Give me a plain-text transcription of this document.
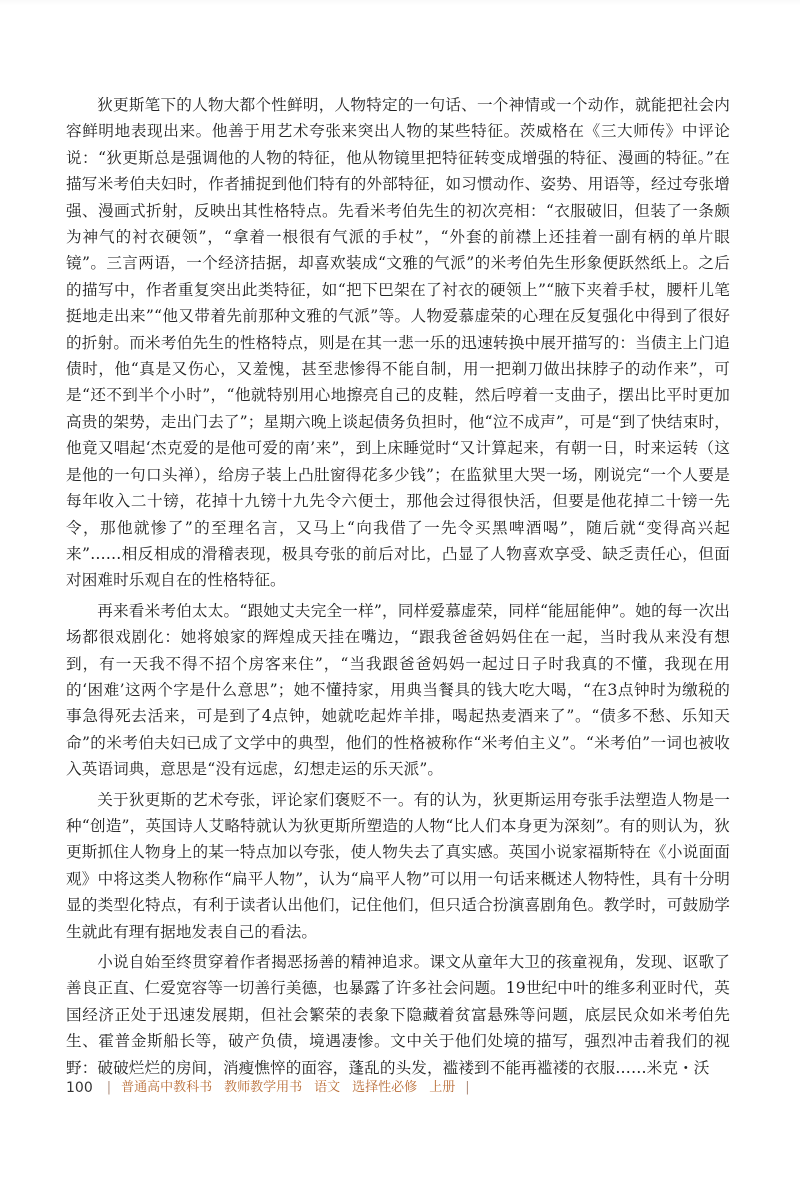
狄更斯笔下的人物大都个性鲜明，人物特定的一句话、一个神情或一个动作，就能把社会内容鲜明地表现出来。他善于用艺术夸张来突出人物的某些特征。茨威格在《三大师传》中评论说：“狄更斯总是强调他的人物的特征，他从物镜里把特征转变成增强的特征、漫画的特征。”在描写米考伯夫妇时，作者捕捉到他们特有的外部特征，如习惯动作、姿势、用语等，经过夸张增强、漫画式折射，反映出其性格特点。先看米考伯先生的初次亮相：“衣服破旧，但装了一条颇为神气的衬衣硬领”，“拿着一根很有气派的手杖”，“外套的前襟上还挂着一副有柄的单片眼镜”。三言两语，一个经济拮据，却喜欢装成“文雅的气派”的米考伯先生形象便跃然纸上。之后的描写中，作者重复突出此类特征，如“把下巴架在了衬衣的硬领上”“腋下夹着手杖，腰杆儿笔挺地走出来”“他又带着先前那种文雅的气派”等。人物爱慕虚荣的心理在反复强化中得到了很好的折射。而米考伯先生的性格特点，则是在其一悲一乐的迅速转换中展开描写的：当债主上门追债时，他“真是又伤心，又羞愧，甚至悲惨得不能自制，用一把剃刀做出抹脖子的动作来”，可是“还不到半个小时”，“他就特别用心地擦亮自己的皮鞋，然后哼着一支曲子，摆出比平时更加高贵的架势，走出门去了”；星期六晚上谈起债务负担时，他“泣不成声”，可是“到了快结束时，他竟又唱起‘杰克爱的是他可爱的南’来”，到上床睡觉时“又计算起来，有朝一日，时来运转（这是他的一句口头禅），给房子装上凸肚窗得花多少钱”；在监狱里大哭一场，刚说完“一个人要是每年收入二十镑，花掉十九镑十九先令六便士，那他会过得很快活，但要是他花掉二十镑一先令，那他就惨了”的至理名言，又马上“向我借了一先令买黑啤酒喝”，随后就“变得高兴起来”……相反相成的滑稽表现，极具夸张的前后对比，凸显了人物喜欢享受、缺乏责任心，但面对困难时乐观自在的性格特征。

再来看米考伯太太。“跟她丈夫完全一样”，同样爱慕虚荣，同样“能屈能伸”。她的每一次出场都很戏剧化：她将娘家的辉煌成天挂在嘴边，“跟我爸爸妈妈住在一起，当时我从来没有想到，有一天我不得不招个房客来住”，“当我跟爸爸妈妈一起过日子时我真的不懂，我现在用的‘困难’这两个字是什么意思”；她不懂持家，用典当餐具的钱大吃大喝，“在3点钟时为缴税的事急得死去活来，可是到了4点钟，她就吃起炸羊排，喝起热麦酒来了”。“债多不愁、乐知天命”的米考伯夫妇已成了文学中的典型，他们的性格被称作“米考伯主义”。“米考伯”一词也被收入英语词典，意思是“没有远虑，幻想走运的乐天派”。

关于狄更斯的艺术夸张，评论家们褒贬不一。有的认为，狄更斯运用夸张手法塑造人物是一种“创造”，英国诗人艾略特就认为狄更斯所塑造的人物“比人们本身更为深刻”。有的则认为，狄更斯抓住人物身上的某一特点加以夸张，使人物失去了真实感。英国小说家福斯特在《小说面面观》中将这类人物称作“扁平人物”，认为“扁平人物”可以用一句话来概述人物特性，具有十分明显的类型化特点，有利于读者认出他们，记住他们，但只适合扮演喜剧角色。教学时，可鼓励学生就此有理有据地发表自己的看法。

小说自始至终贯穿着作者揭恶扬善的精神追求。课文从童年大卫的孩童视角，发现、讴歌了善良正直、仁爱宽容等一切善行美德，也暴露了许多社会问题。19世纪中叶的维多利亚时代，英国经济正处于迅速发展期，但社会繁荣的表象下隐藏着贫富悬殊等问题，底层民众如米考伯先生、霍普金斯船长等，破产负债，境遇凄惨。文中关于他们处境的描写，强烈冲击着我们的视野：破破烂烂的房间，消瘦憔悴的面容，蓬乱的头发，褴褛到不能再褴褛的衣服……米克・沃

100 | 普通高中教科书 教师教学用书 语文 选择性必修 上册 |
